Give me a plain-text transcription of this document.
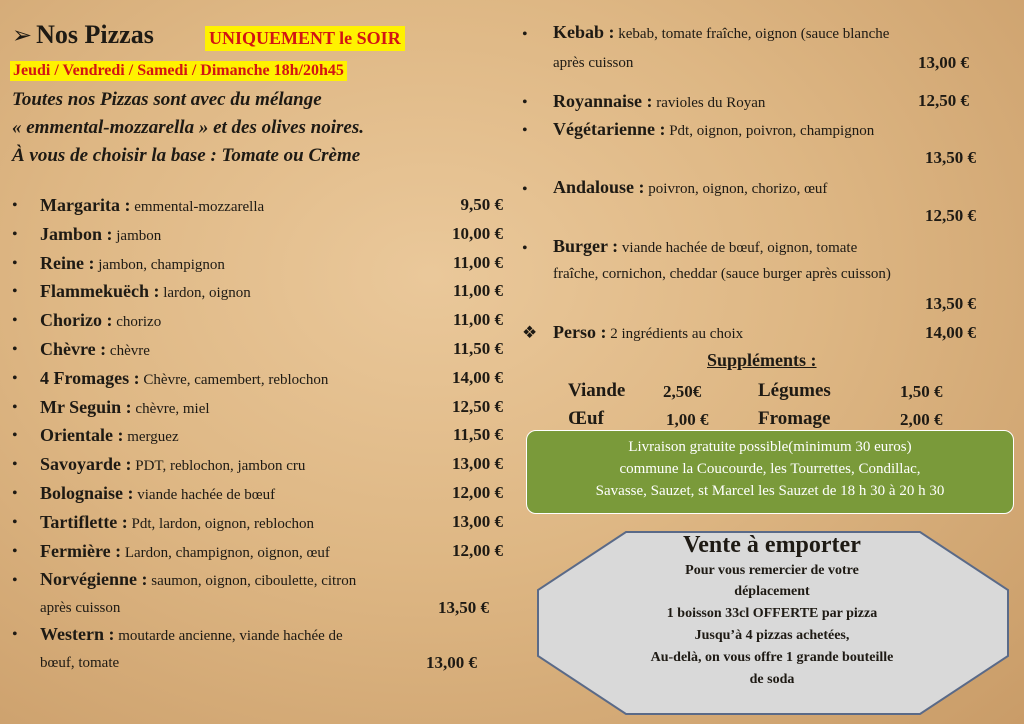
➢ Nos Pizzas	UNIQUEMENT le SOIR
Jeudi / Vendredi / Samedi / Dimanche 18h/20h45
Toutes nos Pizzas sont avec du mélange
« emmental-mozzarella » et des olives noires.
À vous de choisir la base : Tomate ou Crème
• Margarita : emmental-mozzarella	9,50 €
• Jambon : jambon	10,00 €
• Reine : jambon, champignon	11,00 €
• Flammekuëch : lardon, oignon	11,00 €
• Chorizo : chorizo	11,00 €
• Chèvre : chèvre	11,50 €
• 4 Fromages : Chèvre, camembert, reblochon	14,00 €
• Mr Seguin : chèvre, miel	12,50 €
• Orientale : merguez	11,50 €
• Savoyarde : PDT, reblochon, jambon cru	13,00 €
• Bolognaise : viande hachée de bœuf	12,00 €
• Tartiflette : Pdt, lardon, oignon, reblochon	13,00 €
• Fermière : Lardon, champignon, oignon, œuf	12,00 €
• Norvégienne : saumon, oignon, ciboulette, citron
après cuisson	13,50 €
• Western : moutarde ancienne, viande hachée de
bœuf, tomate	13,00 €
• Kebab : kebab, tomate fraîche, oignon (sauce blanche
après cuisson	13,00 €
• Royannaise : ravioles du Royan	12,50 €
• Végétarienne : Pdt, oignon, poivron, champignon
13,50 €
• Andalouse : poivron, oignon, chorizo, œuf
12,50 €
• Burger : viande hachée de bœuf, oignon, tomate
fraîche, cornichon, cheddar (sauce burger après cuisson)
13,50 €
❖ Perso : 2 ingrédients au choix	14,00 €
Suppléments :
Viande 2,50€	Légumes	1,50 €
Œuf	1,00 €	Fromage	2,00 €
Livraison gratuite possible(minimum 30 euros)
commune la Coucourde, les Tourrettes, Condillac,
Savasse, Sauzet, st Marcel les Sauzet de 18 h 30 à 20 h 30
Vente à emporter
Pour vous remercier de votre
déplacement
1 boisson 33cl OFFERTE par pizza
Jusqu’à 4 pizzas achetées,
Au-delà, on vous offre 1 grande bouteille
de soda
